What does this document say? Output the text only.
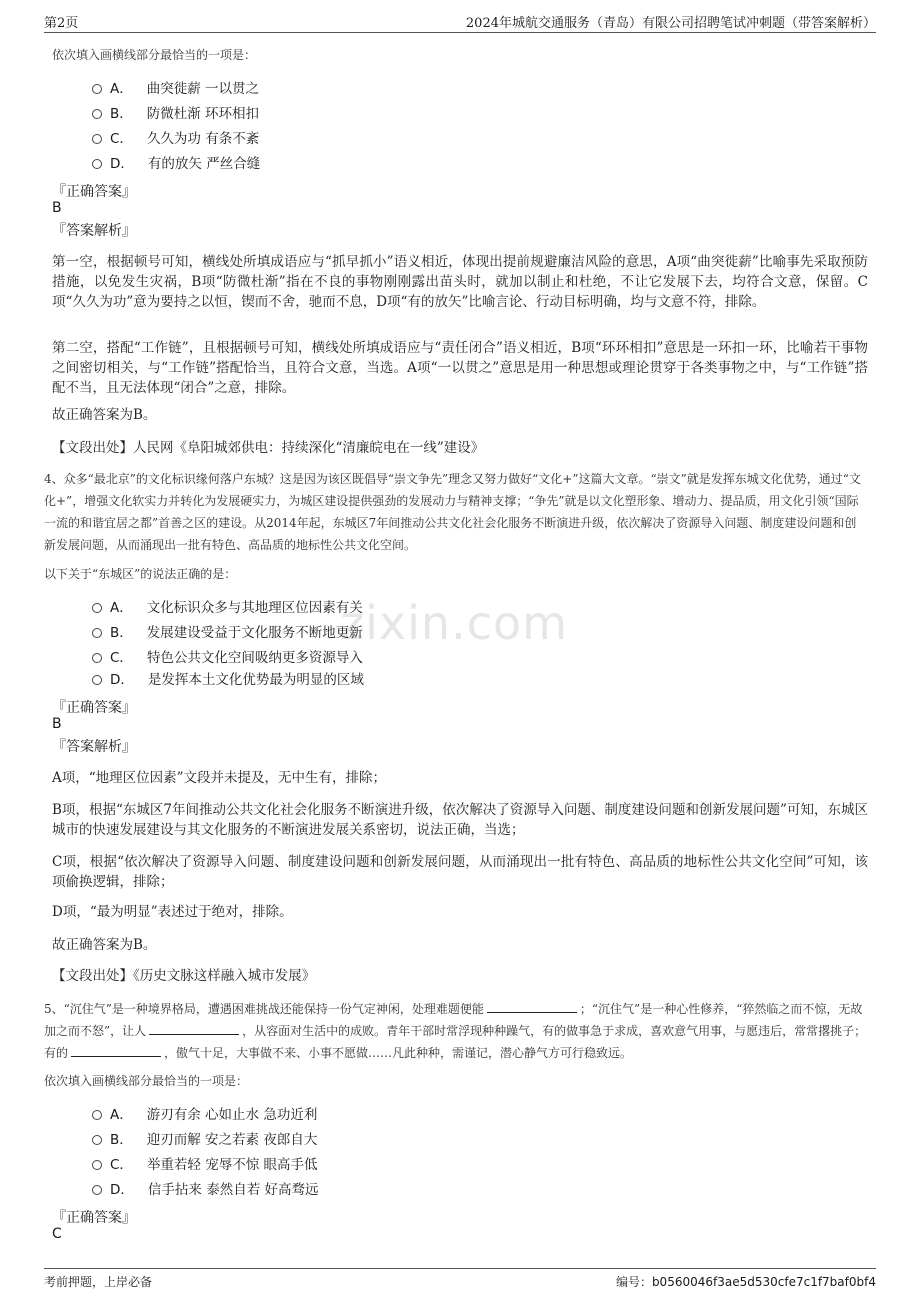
第2页	2024年城航交通服务（青岛）有限公司招聘笔试冲刺题（带答案解析）
zixin.com
依次填入画横线部分最恰当的一项是：
A． 曲突徙薪 一以贯之
B． 防微杜渐 环环相扣
C． 久久为功 有条不紊
D． 有的放矢 严丝合缝
『正确答案』
B
『答案解析』
第一空，根据顿号可知，横线处所填成语应与“抓早抓小”语义相近，体现出提前规避廉洁风险的意思，A项“曲突徙薪”比喻事先采取预防措施，以免发生灾祸，B项“防微杜渐”指在不良的事物刚刚露出苗头时，就加以制止和杜绝，不让它发展下去，均符合文意，保留。C项“久久为功”意为要持之以恒，锲而不舍，驰而不息，D项“有的放矢”比喻言论、行动目标明确，均与文意不符，排除。
第二空，搭配“工作链”，且根据顿号可知，横线处所填成语应与“责任闭合”语义相近，B项“环环相扣”意思是一环扣一环，比喻若干事物之间密切相关，与“工作链”搭配恰当，且符合文意，当选。A项“一以贯之”意思是用一种思想或理论贯穿于各类事物之中，与“工作链”搭配不当，且无法体现“闭合”之意，排除。
故正确答案为B。
【文段出处】人民网《阜阳城郊供电：持续深化“清廉皖电在一线”建设》
4、众多“最北京”的文化标识缘何落户东城？这是因为该区既倡导“崇文争先”理念又努力做好“文化+”这篇大文章。“崇文”就是发挥东城文化优势，通过“文化+”，增强文化软实力并转化为发展硬实力，为城区建设提供强劲的发展动力与精神支撑；“争先”就是以文化塑形象、增动力、提品质，用文化引领“国际一流的和谐宜居之都”首善之区的建设。从2014年起，东城区7年间推动公共文化社会化服务不断演进升级，依次解决了资源导入问题、制度建设问题和创新发展问题，从而涌现出一批有特色、高品质的地标性公共文化空间。
以下关于“东城区”的说法正确的是：
A． 文化标识众多与其地理区位因素有关
B． 发展建设受益于文化服务不断地更新
C． 特色公共文化空间吸纳更多资源导入
D． 是发挥本土文化优势最为明显的区域
『正确答案』
B
『答案解析』
A项，“地理区位因素”文段并未提及，无中生有，排除；
B项，根据“东城区7年间推动公共文化社会化服务不断演进升级，依次解决了资源导入问题、制度建设问题和创新发展问题”可知，东城区城市的快速发展建设与其文化服务的不断演进发展关系密切，说法正确，当选；
C项，根据“依次解决了资源导入问题、制度建设问题和创新发展问题，从而涌现出一批有特色、高品质的地标性公共文化空间”可知，该项偷换逻辑，排除；
D项，“最为明显”表述过于绝对，排除。
故正确答案为B。
【文段出处】《历史文脉这样融入城市发展》
5、“沉住气”是一种境界格局，遭遇困难挑战还能保持一份气定神闲，处理难题便能	；“沉住气”是一种心性修养，“猝然临之而不惊，无故加之而不怒”，让人	，从容面对生活中的成败。青年干部时常浮现种种躁气，有的做事急于求成，喜欢意气用事，与愿违后，常常撂挑子；有的	，傲气十足，大事做不来、小事不愿做……凡此种种，需谨记，潜心静气方可行稳致远。
依次填入画横线部分最恰当的一项是：
A． 游刃有余 心如止水 急功近利
B． 迎刃而解 安之若素 夜郎自大
C． 举重若轻 宠辱不惊 眼高手低
D． 信手拈来 泰然自若 好高骛远
『正确答案』
C
考前押题，上岸必备	编号：b0560046f3ae5d530cfe7c1f7baf0bf4
